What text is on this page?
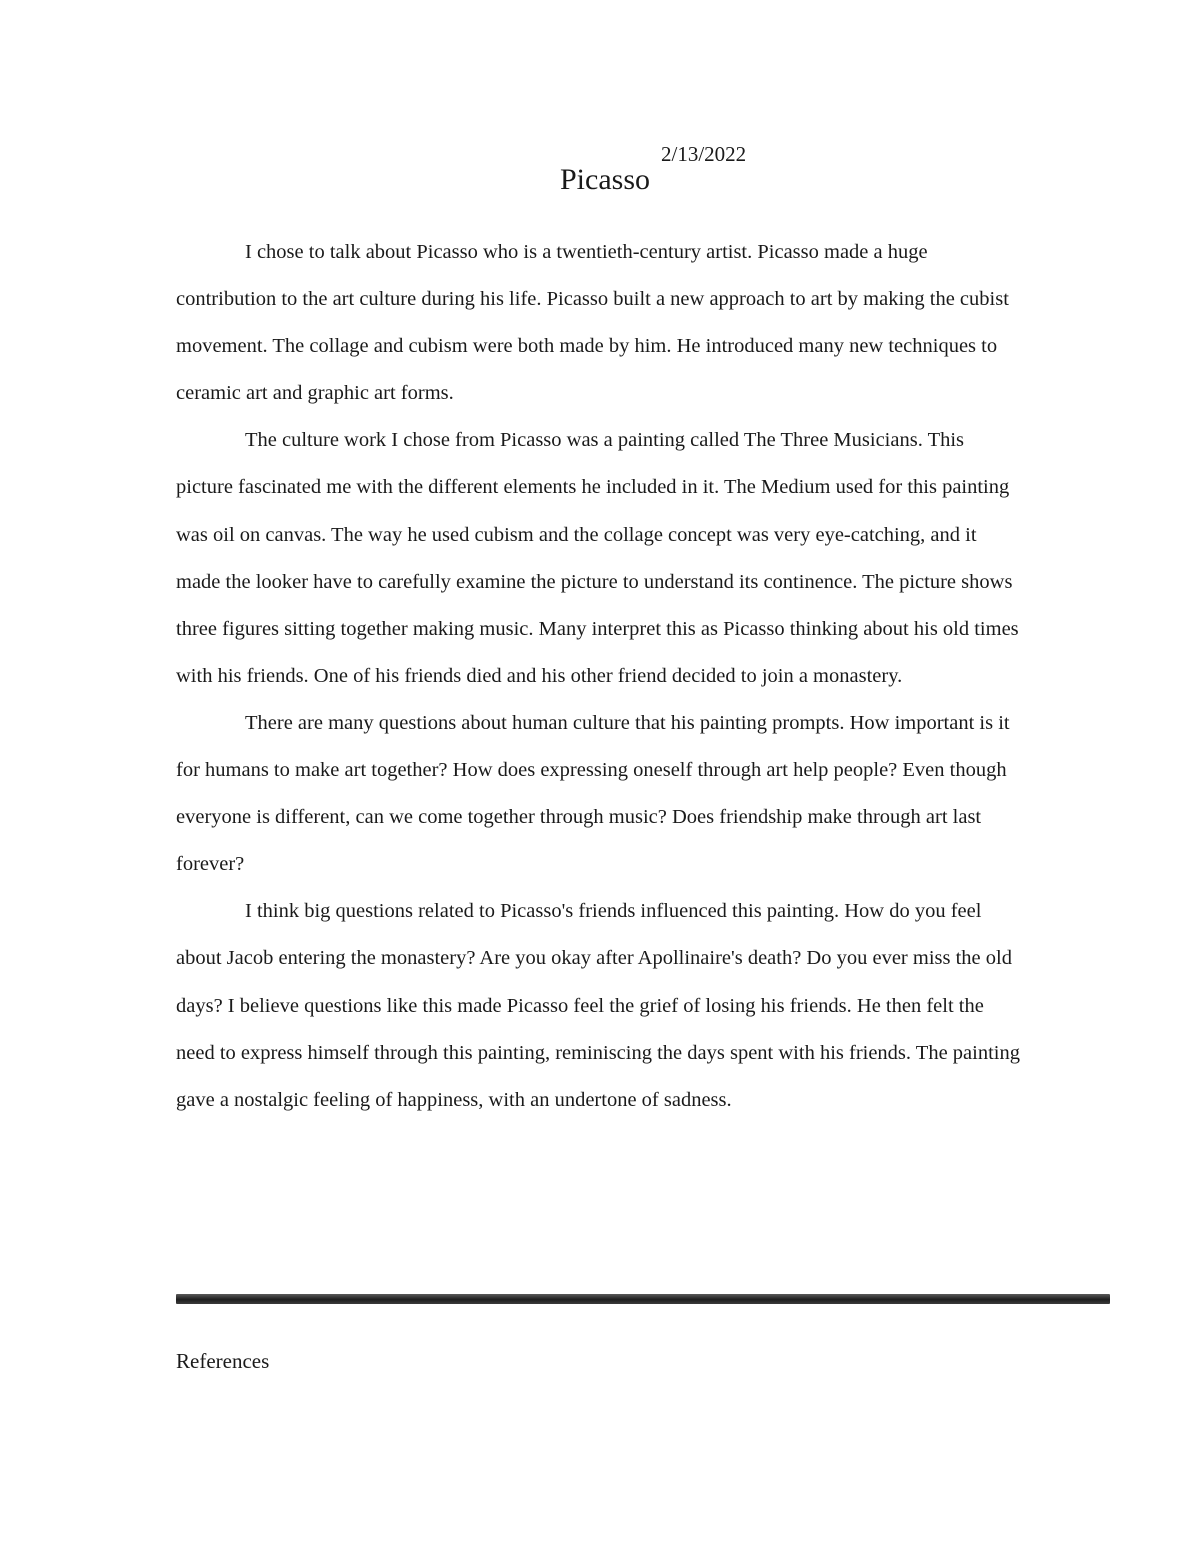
2/13/2022
Picasso

I chose to talk about Picasso who is a twentieth-century artist. Picasso made a huge contribution to the art culture during his life. Picasso built a new approach to art by making the cubist movement. The collage and cubism were both made by him. He introduced many new techniques to ceramic art and graphic art forms.

The culture work I chose from Picasso was a painting called The Three Musicians. This picture fascinated me with the different elements he included in it. The Medium used for this painting was oil on canvas. The way he used cubism and the collage concept was very eye-catching, and it made the looker have to carefully examine the picture to understand its continence. The picture shows three figures sitting together making music. Many interpret this as Picasso thinking about his old times with his friends. One of his friends died and his other friend decided to join a monastery.

There are many questions about human culture that his painting prompts. How important is it for humans to make art together? How does expressing oneself through art help people? Even though everyone is different, can we come together through music? Does friendship make through art last forever?

I think big questions related to Picasso's friends influenced this painting. How do you feel about Jacob entering the monastery? Are you okay after Apollinaire's death? Do you ever miss the old days? I believe questions like this made Picasso feel the grief of losing his friends. He then felt the need to express himself through this painting, reminiscing the days spent with his friends. The painting gave a nostalgic feeling of happiness, with an undertone of sadness.

References
